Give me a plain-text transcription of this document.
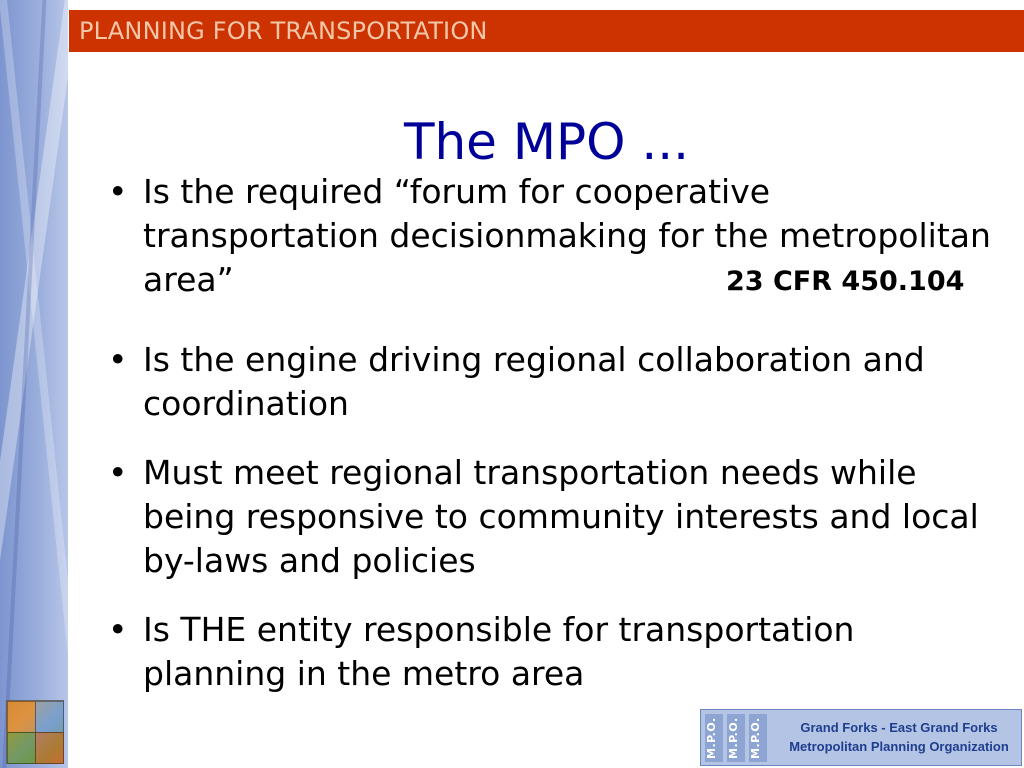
PLANNING FOR TRANSPORTATION
The MPO ...
• Is the required “forum for cooperative transportation decisionmaking for the metropolitan area”	23 CFR 450.104
• Is the engine driving regional collaboration and coordination
• Must meet regional transportation needs while being responsive to community interests and local by-laws and policies
• Is THE entity responsible for transportation planning in the metro area
M.P.O. M.P.O. M.P.O.	Grand Forks - East Grand Forks
Metropolitan Planning Organization
